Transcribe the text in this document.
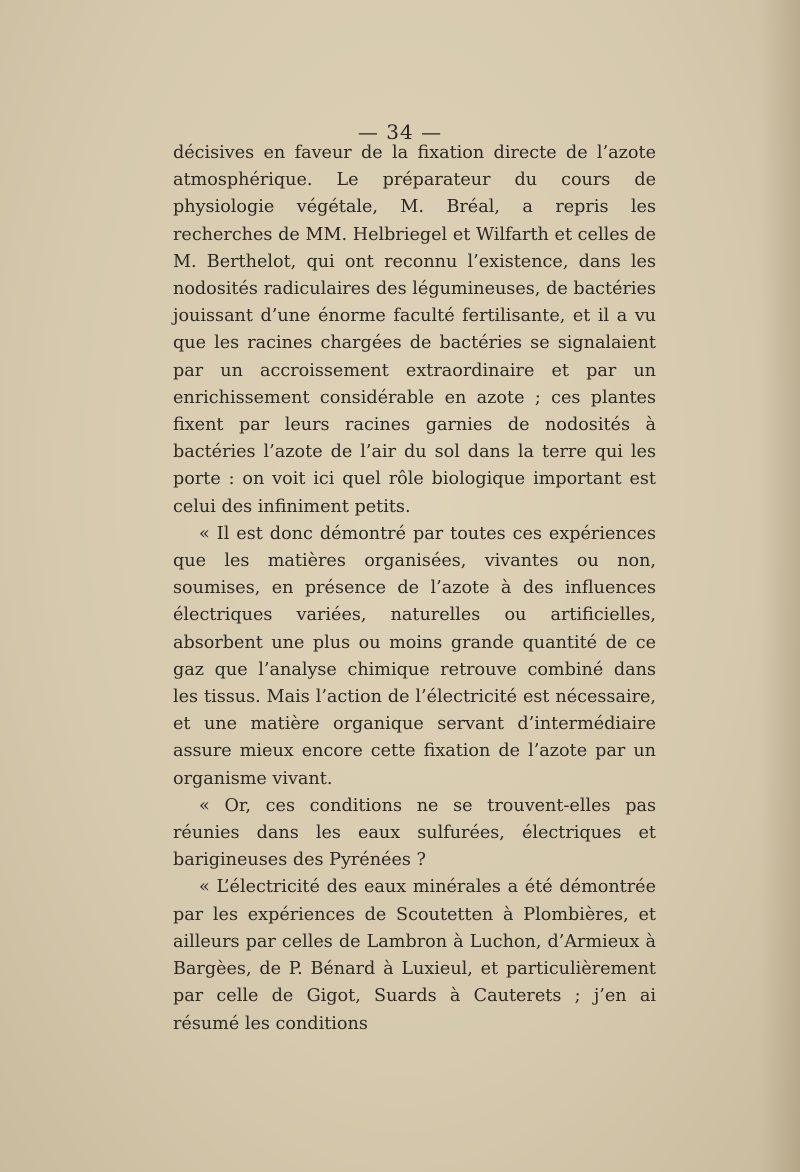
— 34 —

décisives en faveur de la fixation directe de l’azote atmosphérique. Le préparateur du cours de physiologie végétale, M. Bréal, a repris les recherches de MM. Helbriegel et Wilfarth et celles de M. Berthelot, qui ont reconnu l’existence, dans les nodosités radiculaires des légumineuses, de bactéries jouissant d’une énorme faculté fertilisante, et il a vu que les racines chargées de bactéries se signalaient par un accroissement extraordinaire et par un enrichissement considérable en azote ; ces plantes fixent par leurs racines garnies de nodosités à bactéries l’azote de l’air du sol dans la terre qui les porte : on voit ici quel rôle biologique important est celui des infiniment petits.

« Il est donc démontré par toutes ces expériences que les matières organisées, vivantes ou non, soumises, en présence de l’azote à des influences électriques variées, naturelles ou artificielles, absorbent une plus ou moins grande quantité de ce gaz que l’analyse chimique retrouve combiné dans les tissus. Mais l’action de l’électricité est nécessaire, et une matière organique servant d’intermédiaire assure mieux encore cette fixation de l’azote par un organisme vivant.

« Or, ces conditions ne se trouvent-elles pas réunies dans les eaux sulfurées, électriques et barigineuses des Pyrénées ?

« L’électricité des eaux minérales a été démontrée par les expériences de Scoutetten à Plombières, et ailleurs par celles de Lambron à Luchon, d’Armieux à Bargèes, de P. Bénard à Luxieul, et particulièrement par celle de Gigot, Suards à Cauterets ; j’en ai résumé les conditions
